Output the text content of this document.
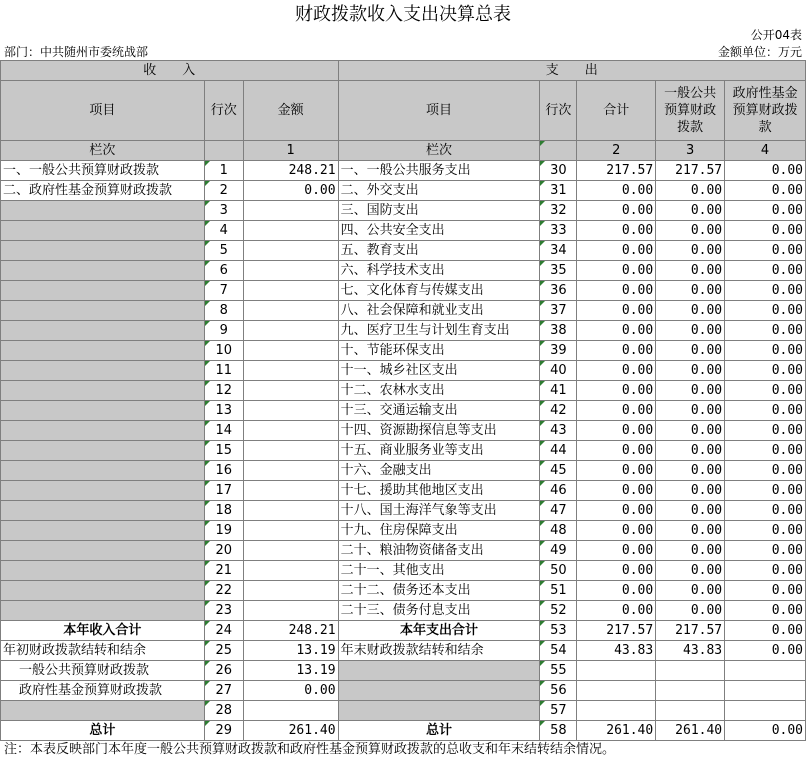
财政拨款收入支出决算总表
公开04表
部门：中共随州市委统战部	金额单位：万元
收　　入			支　　出				
项目	行次	金额	项目	行次	合计	一般公共预算财政拨款	政府性基金预算财政拨款
栏次		1	栏次		2	3	4
一、一般公共预算财政拨款	1	248.21	一、一般公共服务支出	30	217.57	217.57	0.00
二、政府性基金预算财政拨款	2	0.00	二、外交支出	31	0.00	0.00	0.00
	3		三、国防支出	32	0.00	0.00	0.00
	4		四、公共安全支出	33	0.00	0.00	0.00
	5		五、教育支出	34	0.00	0.00	0.00
	6		六、科学技术支出	35	0.00	0.00	0.00
	7		七、文化体育与传媒支出	36	0.00	0.00	0.00
	8		八、社会保障和就业支出	37	0.00	0.00	0.00
	9		九、医疗卫生与计划生育支出	38	0.00	0.00	0.00
	10		十、节能环保支出	39	0.00	0.00	0.00
	11		十一、城乡社区支出	40	0.00	0.00	0.00
	12		十二、农林水支出	41	0.00	0.00	0.00
	13		十三、交通运输支出	42	0.00	0.00	0.00
	14		十四、资源勘探信息等支出	43	0.00	0.00	0.00
	15		十五、商业服务业等支出	44	0.00	0.00	0.00
	16		十六、金融支出	45	0.00	0.00	0.00
	17		十七、援助其他地区支出	46	0.00	0.00	0.00
	18		十八、国土海洋气象等支出	47	0.00	0.00	0.00
	19		十九、住房保障支出	48	0.00	0.00	0.00
	20		二十、粮油物资储备支出	49	0.00	0.00	0.00
	21		二十一、其他支出	50	0.00	0.00	0.00
	22		二十二、债务还本支出	51	0.00	0.00	0.00
	23		二十三、债务付息支出	52	0.00	0.00	0.00
本年收入合计	24	248.21	本年支出合计	53	217.57	217.57	0.00
年初财政拨款结转和结余	25	13.19	年末财政拨款结转和结余	54	43.83	43.83	0.00
一般公共预算财政拨款	26	13.19		55			
政府性基金预算财政拨款	27	0.00		56			
	28			57			
总计	29	261.40	总计	58	261.40	261.40	0.00
注：本表反映部门本年度一般公共预算财政拨款和政府性基金预算财政拨款的总收支和年末结转结余情况。
